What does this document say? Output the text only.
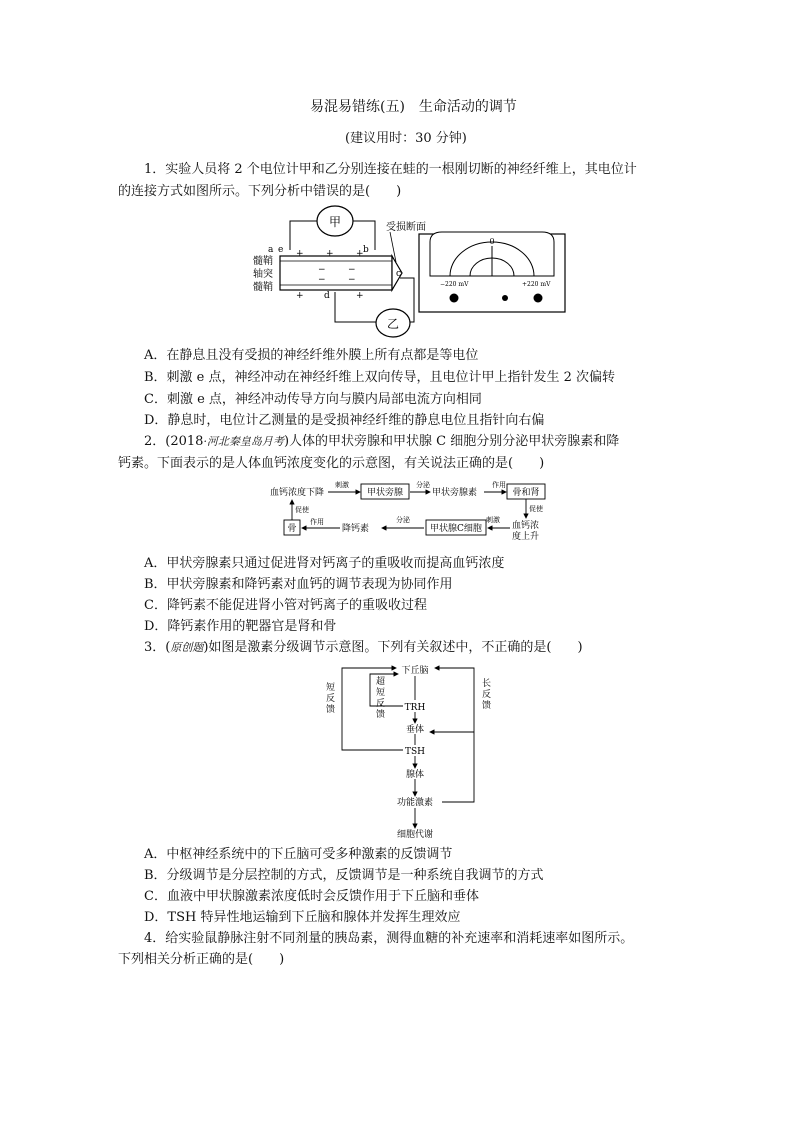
易混易错练(五)　生命活动的调节
(建议用时：30 分钟)
1．实验人员将 2 个电位计甲和乙分别连接在蛙的一根刚切断的神经纤维上，其电位计
的连接方式如图所示。下列分析中错误的是(　　)
甲
a e	b
受损断面
c
+ + +
− −
− −
+	+
髓鞘
轴突
髓鞘
d
乙
0
−220 mV	+220 mV
A．在静息且没有受损的神经纤维外膜上所有点都是等电位
B．刺激 e 点，神经冲动在神经纤维上双向传导，且电位计甲上指针发生 2 次偏转
C．刺激 e 点，神经冲动传导方向与膜内局部电流方向相同
D．静息时，电位计乙测量的是受损神经纤维的静息电位且指针向右偏
2．(2018·河北秦皇岛月考)人体的甲状旁腺和甲状腺 C 细胞分别分泌甲状旁腺素和降
钙素。下面表示的是人体血钙浓度变化的示意图，有关说法正确的是(　　)
血钙浓度下降
刺激
甲状旁腺
分泌
甲状旁腺素
作用
骨和肾
促使
血钙浓
度上升
刺激
甲状腺C细胞
分泌
降钙素
作用
骨
促使
A．甲状旁腺素只通过促进肾对钙离子的重吸收而提高血钙浓度
B．甲状旁腺素和降钙素对血钙的调节表现为协同作用
C．降钙素不能促进肾小管对钙离子的重吸收过程
D．降钙素作用的靶器官是肾和骨
3．(原创题)如图是激素分级调节示意图。下列有关叙述中，不正确的是(　　)
下丘脑
TRH
垂体
TSH
腺体
功能激素
细胞代谢
超
短
反
馈
短
反
馈
长
反
馈
A．中枢神经系统中的下丘脑可受多种激素的反馈调节
B．分级调节是分层控制的方式，反馈调节是一种系统自我调节的方式
C．血液中甲状腺激素浓度低时会反馈作用于下丘脑和垂体
D．TSH 特异性地运输到下丘脑和腺体并发挥生理效应
4．给实验鼠静脉注射不同剂量的胰岛素，测得血糖的补充速率和消耗速率如图所示。
下列相关分析正确的是(　　)
